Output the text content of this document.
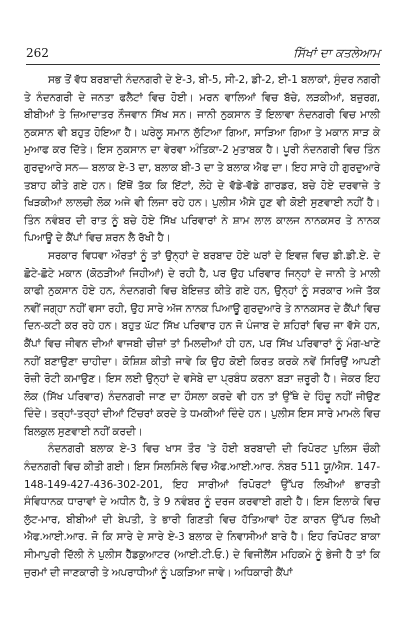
262	ਸਿੱਖਾਂ ਦਾ ਕਤਲੇਆਮ

ਸਭ ਤੋਂ ਵੱਧ ਬਰਬਾਦੀ ਨੰਦਨਗਰੀ ਦੇ ਏ-3, ਬੀ-5, ਸੀ-2, ਡੀ-2, ਈ-1 ਬਲਾਕਾਂ, ਸੁੰਦਰ ਨਗਰੀ ਤੇ ਨੰਦਨਗਰੀ ਦੇ ਜਨਤਾ ਫਲੈਟਾਂ ਵਿਚ ਹੋਈ। ਮਰਨ ਵਾਲਿਆਂ ਵਿਚ ਬੱਚੇ, ਲੜਕੀਆਂ, ਬਜ਼ੁਰਗ, ਬੀਬੀਆਂ ਤੇ ਜ਼ਿਆਦਾਤਰ ਨੌਜਵਾਨ ਸਿੱਖ ਸਨ। ਜਾਨੀ ਨੁਕਸਾਨ ਤੋਂ ਇਲਾਵਾ ਨੰਦਨਗਰੀ ਵਿਚ ਮਾਲੀ ਨੁਕਸਾਨ ਵੀ ਬਹੁਤ ਹੋਇਆ ਹੈ। ਘਰੇਲੂ ਸਮਾਨ ਲੁੱਟਿਆ ਗਿਆ, ਸਾੜਿਆ ਗਿਆ ਤੇ ਮਕਾਨ ਸਾੜ ਕੇ ਮੁਆਫ ਕਰ ਦਿੱਤੇ। ਇਸ ਨੁਕਸਾਨ ਦਾ ਵੇਰਵਾ ਅੰਤਿਕਾ-2 ਮੁਤਾਬਕ ਹੈ। ਪੂਰੀ ਨੰਦਨਗਰੀ ਵਿਚ ਤਿੰਨ ਗੁਰਦੁਆਰੇ ਸਨ— ਬਲਾਕ ਏ-3 ਦਾ, ਬਲਾਕ ਬੀ-3 ਦਾ ਤੇ ਬਲਾਕ ਐਫ ਦਾ। ਇਹ ਸਾਰੇ ਹੀ ਗੁਰਦੁਆਰੇ ਤਬਾਹ ਕੀਤੇ ਗਏ ਹਨ। ਇੱਥੋਂ ਤੱਕ ਕਿ ਇੱਟਾਂ, ਲੋਹੇ ਦੇ ਵੱਡੇ-ਵੱਡੇ ਗਾਰਡਰ, ਬਚੇ ਹੋਏ ਦਰਵਾਜ਼ੇ ਤੇ ਖਿੜਕੀਆਂ ਲਾਲਚੀ ਲੋਕ ਅਜੇ ਵੀ ਲਿਜਾ ਰਹੇ ਹਨ। ਪੁਲੀਸ ਐਸੇ ਹੁਣ ਵੀ ਕੋਈ ਸੁਣਵਾਈ ਨਹੀਂ ਹੈ। ਤਿੰਨ ਨਵੰਬਰ ਦੀ ਰਾਤ ਨੂੰ ਬਚੇ ਹੋਏ ਸਿੱਖ ਪਰਿਵਾਰਾਂ ਨੇ ਸ਼ਾਮ ਲਾਲ ਕਾਲਜ ਨਾਨਕਸਰ ਤੇ ਨਾਨਕ ਪਿਆਊ ਦੇ ਕੈਂਪਾਂ ਵਿਚ ਸ਼ਰਨ ਲੈ ਰੱਖੀ ਹੈ।

ਸਰਕਾਰ ਵਿਧਵਾ ਔਰਤਾਂ ਨੂੰ ਤਾਂ ਉਨ੍ਹਾਂ ਦੇ ਬਰਬਾਦ ਹੋਏ ਘਰਾਂ ਦੇ ਇਵਜ਼ ਵਿਚ ਡੀ.ਡੀ.ਏ. ਦੇ ਛੋਟੇ-ਛੋਟੇ ਮਕਾਨ (ਕੋਠੜੀਆਂ ਜਿਹੀਆਂ) ਦੇ ਰਹੀ ਹੈ, ਪਰ ਉਹ ਪਰਿਵਾਰ ਜਿਨ੍ਹਾਂ ਦੇ ਜਾਨੀ ਤੇ ਮਾਲੀ ਕਾਫੀ ਨੁਕਸਾਨ ਹੋਏ ਹਨ, ਨੰਦਨਗਰੀ ਵਿਚ ਬੇਇਜ਼ਤ ਕੀਤੇ ਗਏ ਹਨ, ਉਨ੍ਹਾਂ ਨੂੰ ਸਰਕਾਰ ਅਜੇ ਤੱਕ ਨਵੀਂ ਜਗ੍ਹਾ ਨਹੀਂ ਵਸਾ ਰਹੀ, ਉਹ ਸਾਰੇ ਅੱਜ ਨਾਨਕ ਪਿਆਊ ਗੁਰਦੁਆਰੇ ਤੇ ਨਾਨਕਸਰ ਦੇ ਕੈਂਪਾਂ ਵਿਚ ਦਿਨ-ਕਟੀ ਕਰ ਰਹੇ ਹਨ। ਬਹੁਤ ਘੱਟ ਸਿੱਖ ਪਰਿਵਾਰ ਹਨ ਜੋ ਪੰਜਾਬ ਦੇ ਸ਼ਹਿਰਾਂ ਵਿਚ ਜਾ ਵੱਸੇ ਹਨ, ਕੈਂਪਾਂ ਵਿਚ ਜੀਵਨ ਦੀਆਂ ਵਾਜਬੀ ਚੀਜ਼ਾਂ ਤਾਂ ਮਿਲਦੀਆਂ ਹੀ ਹਨ, ਪਰ ਸਿੱਖ ਪਰਿਵਾਰਾਂ ਨੂੰ ਮੰਗ-ਖਾਣੇ ਨਹੀਂ ਬਣਾਉਣਾ ਚਾਹੀਦਾ। ਕੋਸ਼ਿਸ਼ ਕੀਤੀ ਜਾਵੇ ਕਿ ਉਹ ਕੋਈ ਕਿਰਤ ਕਰਕੇ ਨਵੇਂ ਸਿਰਿਉਂ ਆਪਣੀ ਰੋਜ਼ੀ ਰੋਟੀ ਕਮਾਉਣ। ਇਸ ਲਈ ਉਨ੍ਹਾਂ ਦੇ ਵਸੇਬੇ ਦਾ ਪ੍ਰਬੰਧ ਕਰਨਾ ਬੜਾ ਜ਼ਰੂਰੀ ਹੈ। ਜੇਕਰ ਇਹ ਲੋਕ (ਸਿੱਖ ਪਰਿਵਾਰ) ਨੰਦਨਗਰੀ ਜਾਣ ਦਾ ਹੌਸਲਾ ਕਰਦੇ ਵੀ ਹਨ ਤਾਂ ਉੱਥੇ ਦੇ ਹਿੰਦੂ ਨਹੀਂ ਜੀਉਣ ਦਿੰਦੇ। ਤਰ੍ਹਾਂ-ਤਰ੍ਹਾਂ ਦੀਆਂ ਟਿੱਚਰਾਂ ਕਰਦੇ ਤੇ ਧਮਕੀਆਂ ਦਿੰਦੇ ਹਨ। ਪੁਲੀਸ ਇਸ ਸਾਰੇ ਮਾਮਲੇ ਵਿਚ ਬਿਲਕੁਲ ਸੁਣਵਾਈ ਨਹੀਂ ਕਰਦੀ।

ਨੰਦਨਗਰੀ ਬਲਾਕ ਏ-3 ਵਿਚ ਖਾਸ ਤੌਰ 'ਤੇ ਹੋਈ ਬਰਬਾਦੀ ਦੀ ਰਿਪੋਰਟ ਪੁਲਿਸ ਚੌਕੀ ਨੰਦਨਗਰੀ ਵਿਚ ਕੀਤੀ ਗਈ। ਇਸ ਸਿਲਸਿਲੇ ਵਿਚ ਐਫ.ਆਈ.ਆਰ. ਨੰਬਰ 511 ਯੂ/ਐਸ. 147-148-149-427-436-302-201, ਇਹ ਸਾਰੀਆਂ ਰਿਪੋਰਟਾਂ ਉੱਪਰ ਲਿਖੀਆਂ ਭਾਰਤੀ ਸੰਵਿਧਾਨਕ ਧਾਰਾਵਾਂ ਦੇ ਅਧੀਨ ਹੈ, ਤੇ 9 ਨਵੰਬਰ ਨੂੰ ਦਰਜ ਕਰਵਾਈ ਗਈ ਹੈ। ਇਸ ਇਲਾਕੇ ਵਿਚ ਲੁੱਟ-ਮਾਰ, ਬੀਬੀਆਂ ਦੀ ਬੇਪਤੀ, ਤੇ ਭਾਰੀ ਗਿਣਤੀ ਵਿਚ ਹੱਤਿਆਵਾਂ ਹੋਣ ਕਾਰਨ ਉੱਪਰ ਲਿਖੀ ਐਫ.ਆਈ.ਆਰ. ਜੋ ਕਿ ਸਾਰੇ ਦੇ ਸਾਰੇ ਏ-3 ਬਲਾਕ ਦੇ ਨਿਵਾਸੀਆਂ ਬਾਰੇ ਹੈ। ਇਹ ਰਿਪੋਰਟ ਬਾਕਾ ਸੀਮਾਪੁਰੀ ਦਿੱਲੀ ਨੇ ਪੁਲੀਸ ਹੈੱਡਕੁਆਟਰ (ਆਈ.ਟੀ.ਓ.) ਦੇ ਵਿਜੀਲੈਂਸ ਮਹਿਕਮੇ ਨੂੰ ਭੇਜੀ ਹੈ ਤਾਂ ਕਿ ਜੁਰਮਾਂ ਦੀ ਜਾਣਕਾਰੀ ਤੇ ਅਪਰਾਧੀਆਂ ਨੂੰ ਪਕੜਿਆ ਜਾਵੇ। ਅਧਿਕਾਰੀ ਕੈਂਪਾਂ
